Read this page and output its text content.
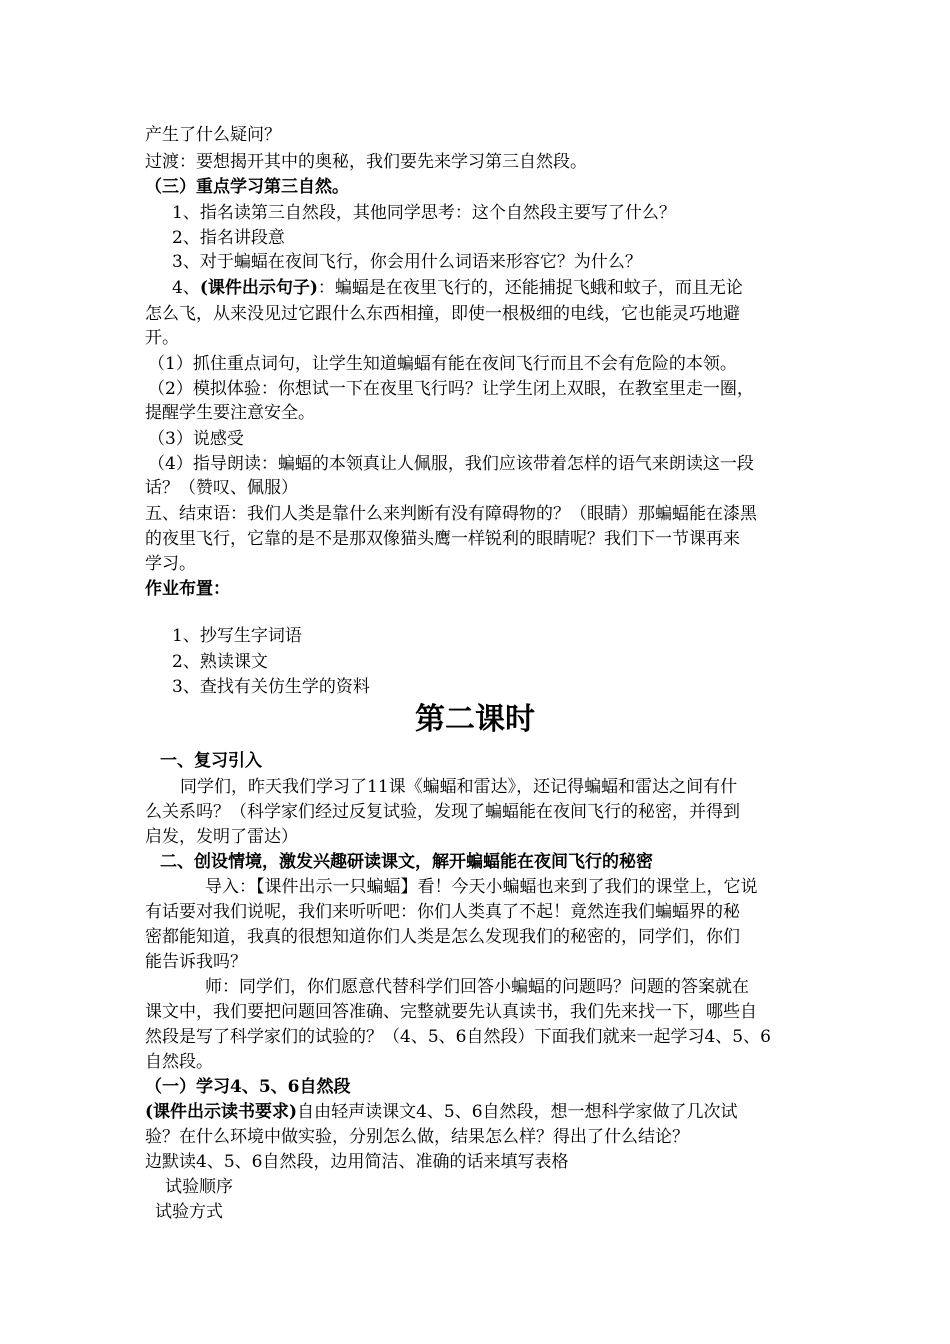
产生了什么疑问？
过渡：要想揭开其中的奥秘，我们要先来学习第三自然段。
（三）重点学习第三自然。
1、指名读第三自然段，其他同学思考：这个自然段主要写了什么？
2、指名讲段意
3、对于蝙蝠在夜间飞行，你会用什么词语来形容它？为什么？
4、(课件出示句子)：蝙蝠是在夜里飞行的，还能捕捉飞蛾和蚊子，而且无论
怎么飞，从来没见过它跟什么东西相撞，即使一根极细的电线，它也能灵巧地避
开。
（1）抓住重点词句，让学生知道蝙蝠有能在夜间飞行而且不会有危险的本领。
（2）模拟体验：你想试一下在夜里飞行吗？让学生闭上双眼，在教室里走一圈，
提醒学生要注意安全。
（3）说感受
（4）指导朗读：蝙蝠的本领真让人佩服，我们应该带着怎样的语气来朗读这一段
话？（赞叹、佩服）
五、结束语：我们人类是靠什么来判断有没有障碍物的？（眼睛）那蝙蝠能在漆黑
的夜里飞行，它靠的是不是那双像猫头鹰一样锐利的眼睛呢？我们下一节课再来
学习。
作业布置：
1、抄写生字词语
2、熟读课文
3、查找有关仿生学的资料
第二课时
一、复习引入
同学们，昨天我们学习了11课《蝙蝠和雷达》，还记得蝙蝠和雷达之间有什
么关系吗？（科学家们经过反复试验，发现了蝙蝠能在夜间飞行的秘密，并得到
启发，发明了雷达）
二、创设情境，激发兴趣研读课文，解开蝙蝠能在夜间飞行的秘密
导入：【课件出示一只蝙蝠】看！今天小蝙蝠也来到了我们的课堂上，它说
有话要对我们说呢，我们来听听吧：你们人类真了不起！竟然连我们蝙蝠界的秘
密都能知道，我真的很想知道你们人类是怎么发现我们的秘密的，同学们，你们
能告诉我吗？
师：同学们，你们愿意代替科学们回答小蝙蝠的问题吗？问题的答案就在
课文中，我们要把问题回答准确、完整就要先认真读书，我们先来找一下，哪些自
然段是写了科学家们的试验的？（4、5、6自然段）下面我们就来一起学习4、5、6
自然段。
（一）学习4、5、6自然段
(课件出示读书要求)自由轻声读课文4、5、6自然段，想一想科学家做了几次试
验？在什么环境中做实验，分别怎么做，结果怎么样？得出了什么结论？
边默读4、5、6自然段，边用简洁、准确的话来填写表格
试验顺序
试验方式
